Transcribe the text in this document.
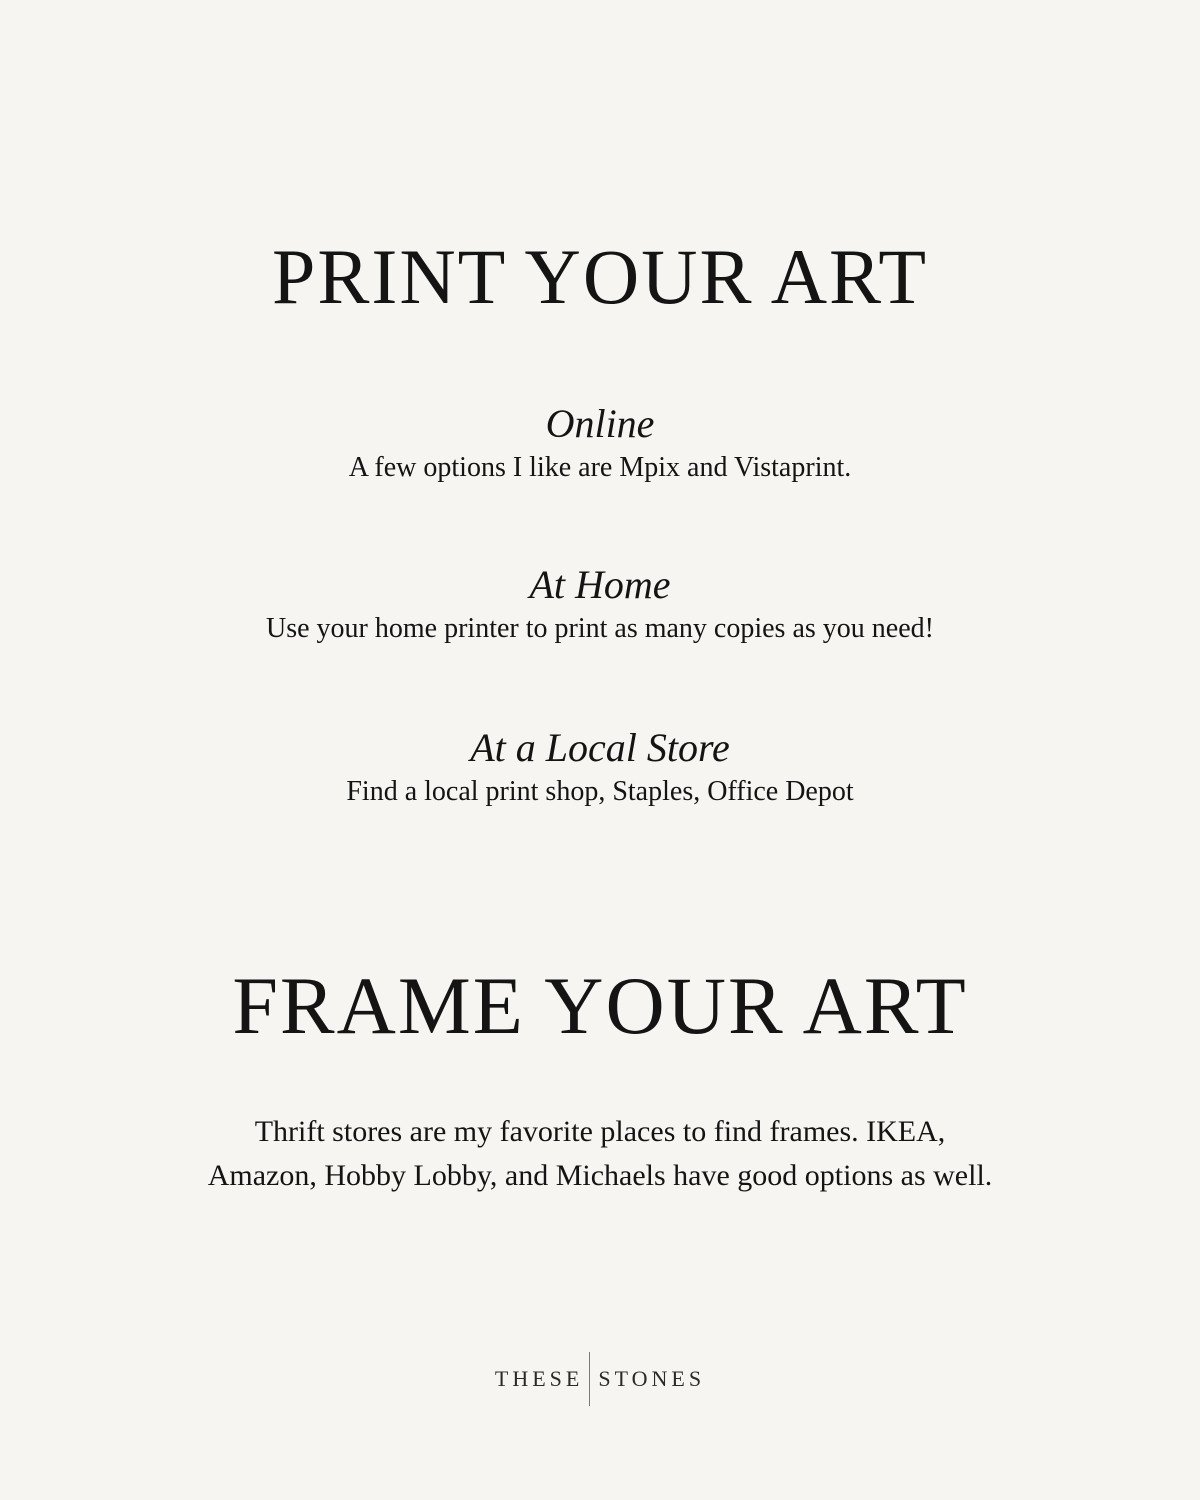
PRINT YOUR ART
Online
A few options I like are Mpix and Vistaprint.
At Home
Use your home printer to print as many copies as you need!
At a Local Store
Find a local print shop, Staples, Office Depot
FRAME YOUR ART
Thrift stores are my favorite places to find frames. IKEA,
Amazon, Hobby Lobby, and Michaels have good options as well.
THESE STONES
